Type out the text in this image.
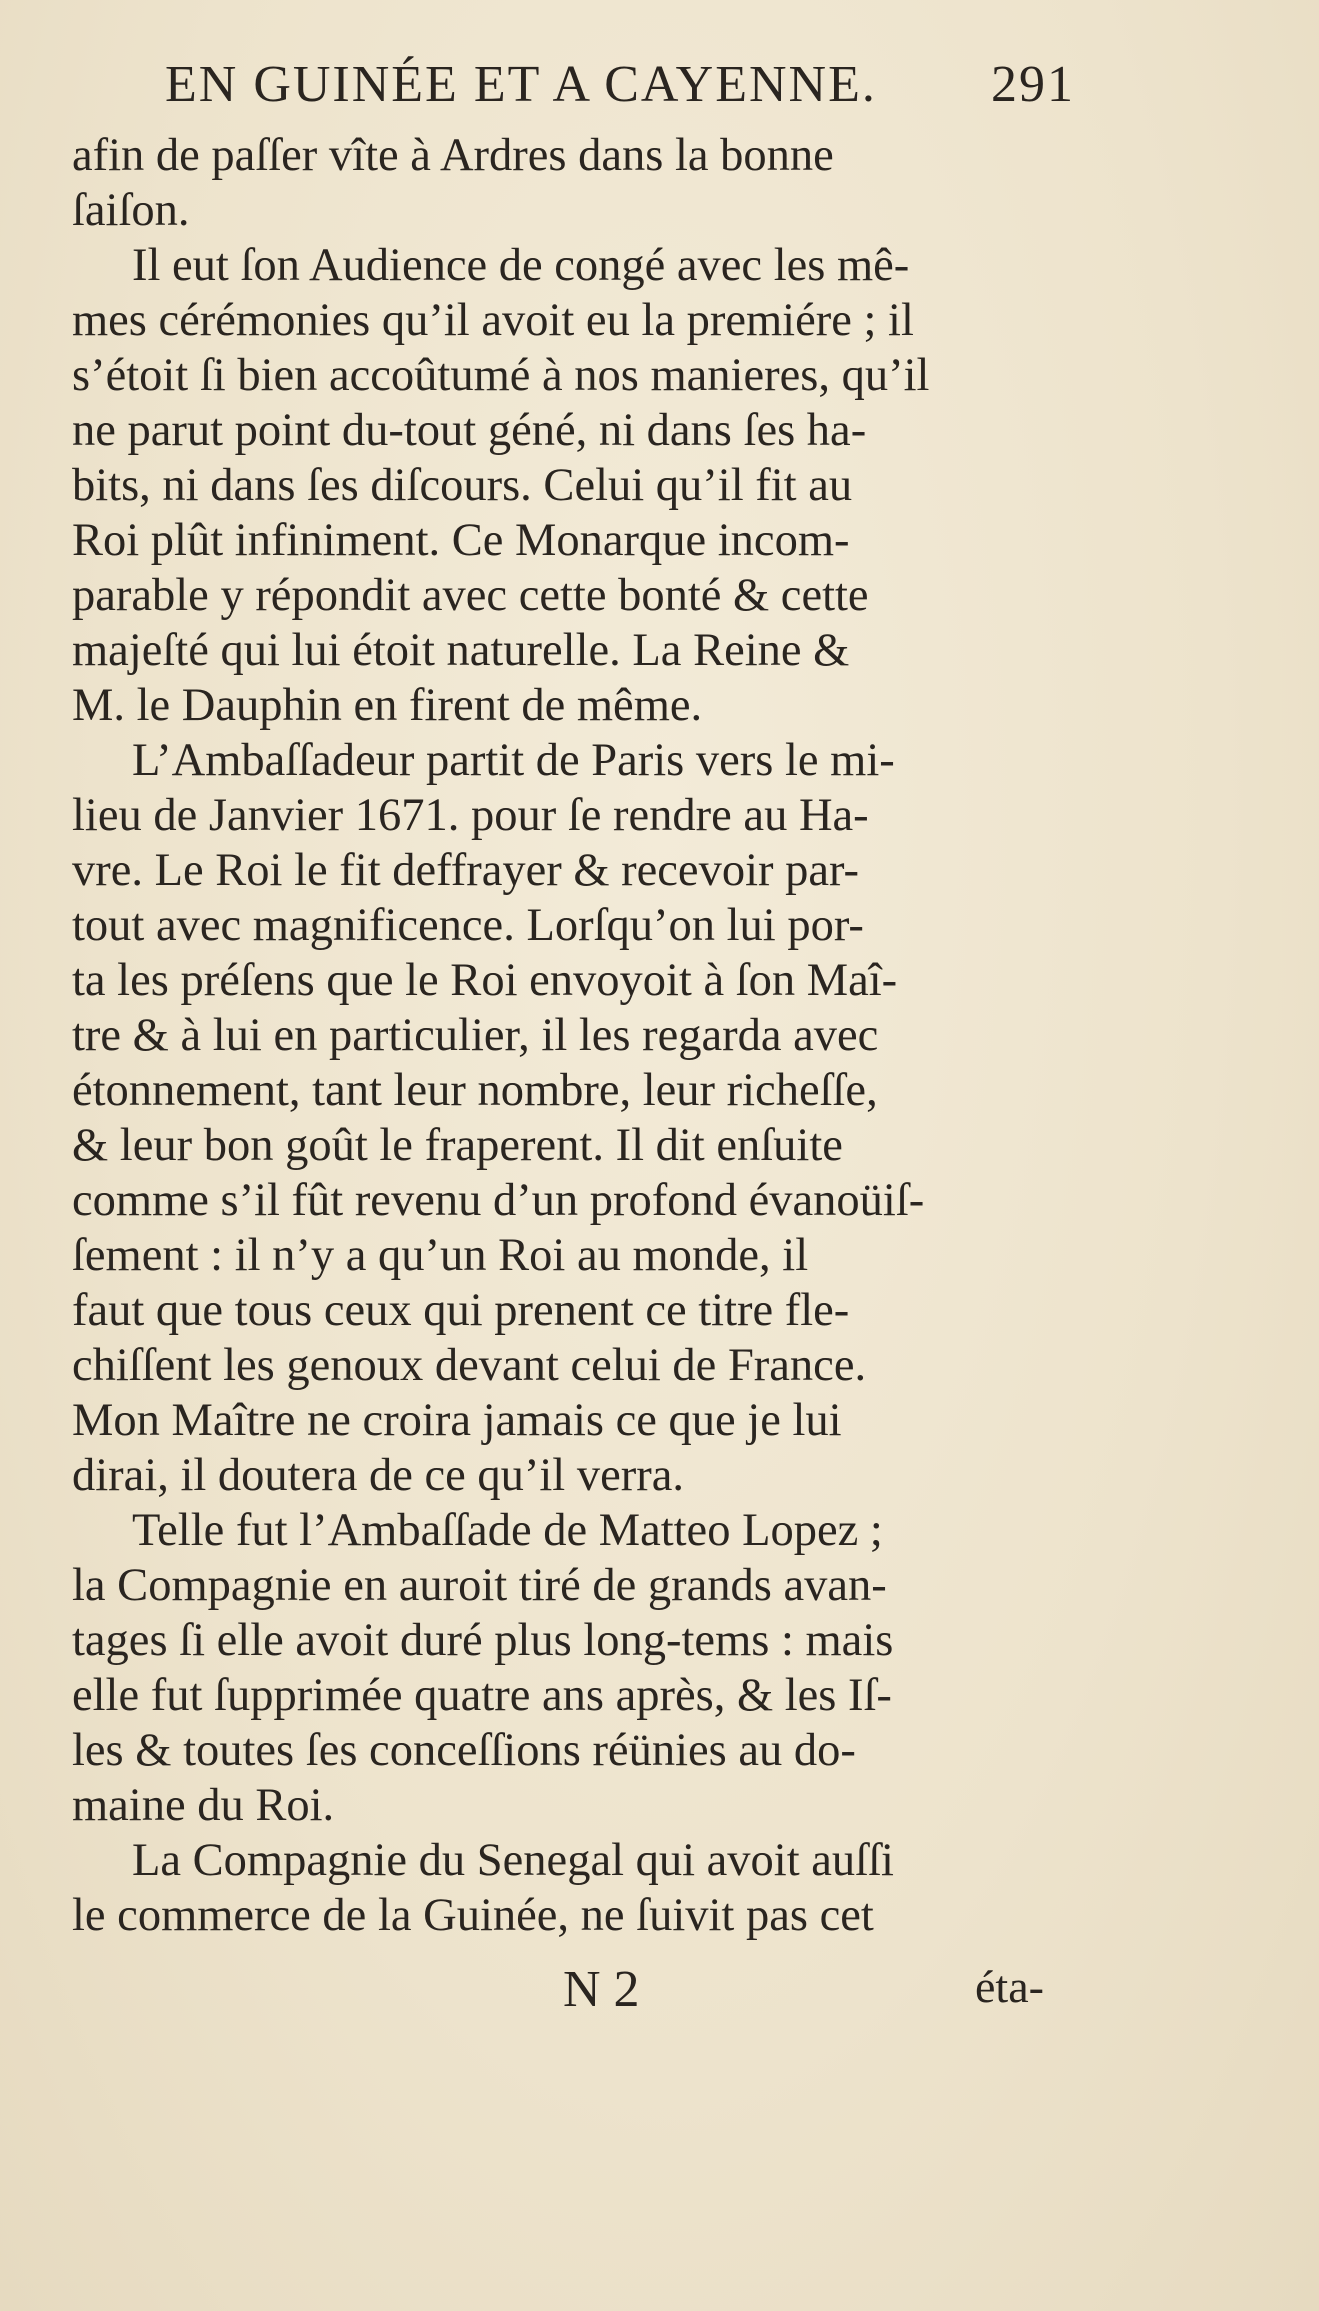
EN GUINÉE ET A CAYENNE. 291
afin de paſſer vîte à Ardres dans la bonne
ſaiſon.
Il eut ſon Audience de congé avec les mê-
mes cérémonies qu’il avoit eu la premiére ; il
s’étoit ſi bien accoûtumé à nos manieres, qu’il
ne parut point du-tout géné, ni dans ſes ha-
bits, ni dans ſes diſcours. Celui qu’il fit au
Roi plût infiniment. Ce Monarque incom-
parable y répondit avec cette bonté & cette
majeſté qui lui étoit naturelle. La Reine &
M. le Dauphin en firent de même.
L’Ambaſſadeur partit de Paris vers le mi-
lieu de Janvier 1671. pour ſe rendre au Ha-
vre. Le Roi le fit deffrayer & recevoir par-
tout avec magnificence. Lorſqu’on lui por-
ta les préſens que le Roi envoyoit à ſon Maî-
tre & à lui en particulier, il les regarda avec
étonnement, tant leur nombre, leur richeſſe,
& leur bon goût le fraperent. Il dit enſuite
comme s’il fût revenu d’un profond évanoüiſ-
ſement : il n’y a qu’un Roi au monde, il
faut que tous ceux qui prenent ce titre fle-
chiſſent les genoux devant celui de France.
Mon Maître ne croira jamais ce que je lui
dirai, il doutera de ce qu’il verra.
Telle fut l’Ambaſſade de Matteo Lopez ;
la Compagnie en auroit tiré de grands avan-
tages ſi elle avoit duré plus long-tems : mais
elle fut ſupprimée quatre ans après, & les Iſ-
les & toutes ſes conceſſions réünies au do-
maine du Roi.
La Compagnie du Senegal qui avoit auſſi
le commerce de la Guinée, ne ſuivit pas cet
N 2	éta-
